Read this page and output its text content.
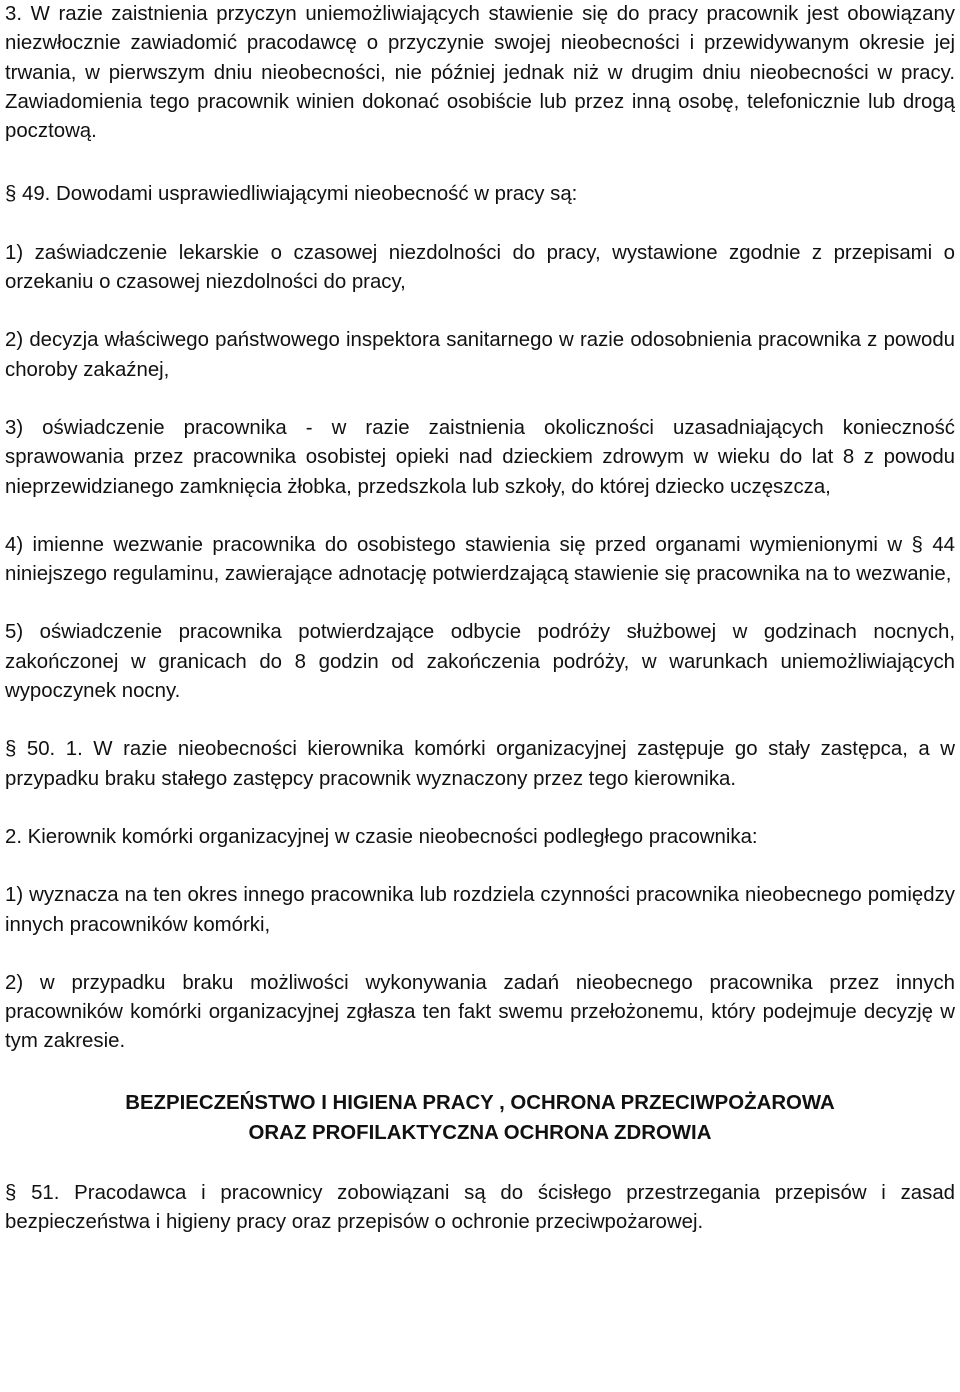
3. W razie zaistnienia przyczyn uniemożliwiających stawienie się do pracy pracownik jest obowiązany niezwłocznie zawiadomić pracodawcę o przyczynie swojej nieobecności i przewidywanym okresie jej trwania, w pierwszym dniu nieobecności, nie później jednak niż w drugim dniu nieobecności w pracy. Zawiadomienia tego pracownik winien dokonać osobiście lub przez inną osobę, telefonicznie lub drogą pocztową.

§ 49. Dowodami usprawiedliwiającymi nieobecność w pracy są:

1) zaświadczenie lekarskie o czasowej niezdolności do pracy, wystawione zgodnie z przepisami o orzekaniu o czasowej niezdolności do pracy,

2) decyzja właściwego państwowego inspektora sanitarnego w razie odosobnienia pracownika z powodu choroby zakaźnej,

3) oświadczenie pracownika - w razie zaistnienia okoliczności uzasadniających konieczność sprawowania przez pracownika osobistej opieki nad dzieckiem zdrowym w wieku do lat 8 z powodu nieprzewidzianego zamknięcia żłobka, przedszkola lub szkoły, do której dziecko uczęszcza,

4) imienne wezwanie pracownika do osobistego stawienia się przed organami wymienionymi w § 44 niniejszego regulaminu, zawierające adnotację potwierdzającą stawienie się pracownika na to wezwanie,

5) oświadczenie pracownika potwierdzające odbycie podróży służbowej w godzinach nocnych, zakończonej w granicach do 8 godzin od zakończenia podróży, w warunkach uniemożliwiających wypoczynek nocny.

§ 50. 1. W razie nieobecności kierownika komórki organizacyjnej zastępuje go stały zastępca, a w przypadku braku stałego zastępcy pracownik wyznaczony przez tego kierownika.

2. Kierownik komórki organizacyjnej w czasie nieobecności podległego pracownika:

1) wyznacza na ten okres innego pracownika lub rozdziela czynności pracownika nieobecnego pomiędzy innych pracowników komórki,

2) w przypadku braku możliwości wykonywania zadań nieobecnego pracownika przez innych pracowników komórki organizacyjnej zgłasza ten fakt swemu przełożonemu, który podejmuje decyzję w tym zakresie.

BEZPIECZEŃSTWO I HIGIENA PRACY , OCHRONA PRZECIWPOŻAROWA

ORAZ PROFILAKTYCZNA OCHRONA ZDROWIA

§ 51. Pracodawca i pracownicy zobowiązani są do ścisłego przestrzegania przepisów i zasad bezpieczeństwa i higieny pracy oraz przepisów o ochronie przeciwpożarowej.
